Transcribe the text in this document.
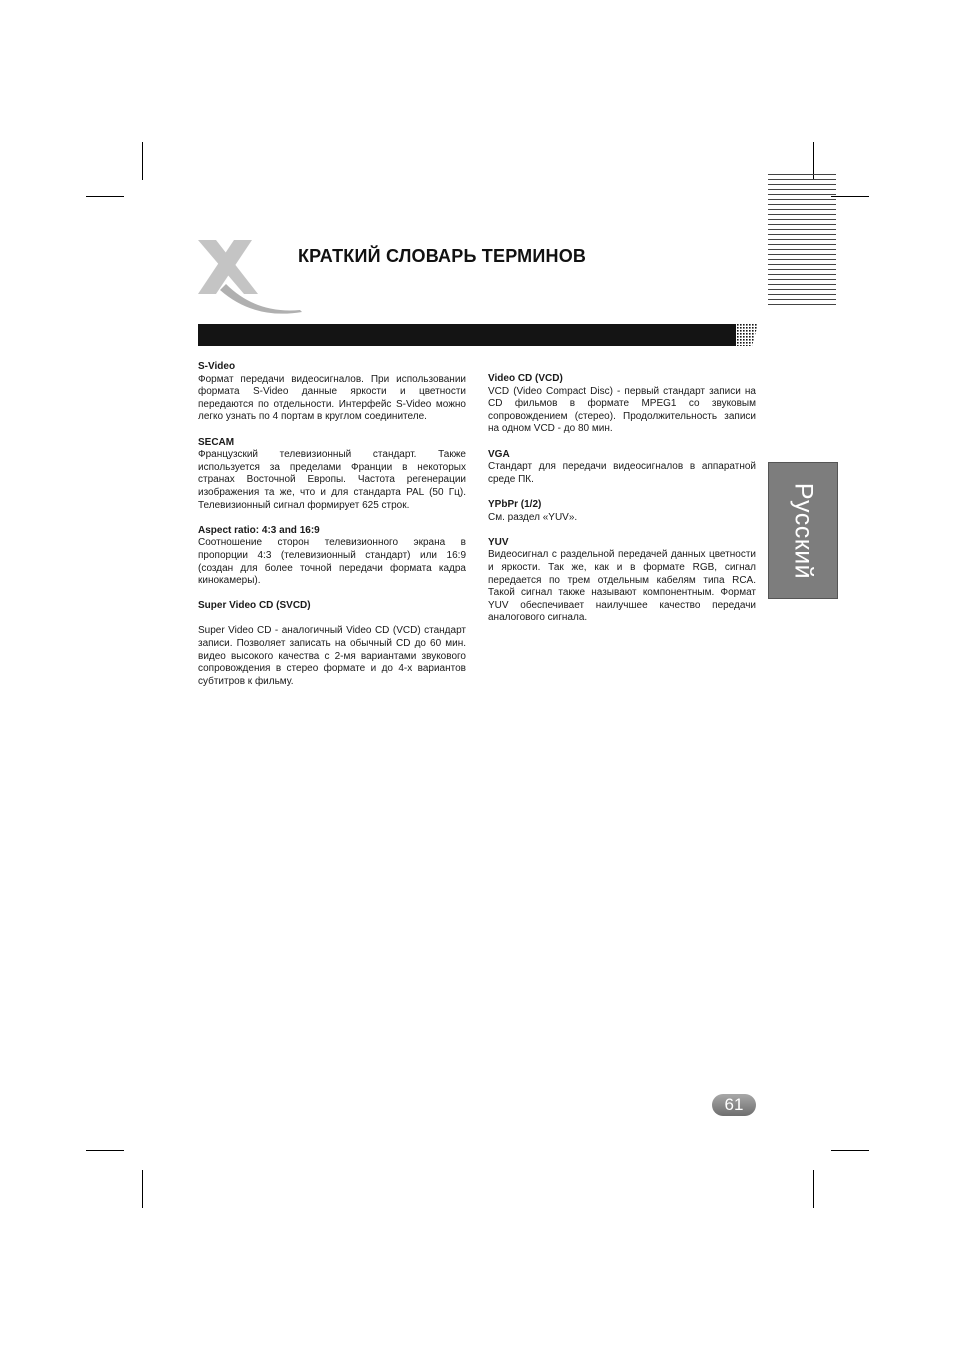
КРАТКИЙ СЛОВАРЬ ТЕРМИНОВ
S-Video
Формат передачи видеосигналов. При использовании формата S-Video данные яркости и цветности передаются по отдельности. Интерфейс S-Video можно легко узнать по 4 портам в круглом соединителе.
SECAM
Французский телевизионный стандарт. Также используется за пределами Франции в некоторых странах Восточной Европы. Частота регенерации изображения та же, что и для стандарта PAL (50 Гц). Телевизионный сигнал формирует 625 строк.
Aspect ratio: 4:3 and 16:9
Соотношение сторон телевизионного экрана в пропорции 4:3 (телевизионный стандарт) или 16:9 (создан для более точной передачи формата кадра кинокамеры).
Super Video CD (SVCD)
Super Video CD - аналогичный Video CD (VCD) стандарт записи. Позволяет записать на обычный CD до 60 мин. видео высокого качества с 2-мя вариантами звукового сопровождения в стерео формате и до 4-х вариантов субтитров к фильму.
Video CD (VCD)
VCD (Video Compact Disc) - первый стандарт записи на CD фильмов в формате MPEG1 со звуковым сопровождением (стерео). Продолжительность записи на одном VCD - до 80 мин.
VGA
Стандарт для передачи видеосигналов в аппаратной среде ПК.
YPbPr (1/2)
См. раздел «YUV».
YUV
Видеосигнал с раздельной передачей данных цветности и яркости. Так же, как и в формате RGB, сигнал передается по трем отдельным кабелям типа RCA. Такой сигнал также называют компонентным. Формат YUV обеспечивает наилучшее качество передачи аналогового сигнала.
Русский
61
